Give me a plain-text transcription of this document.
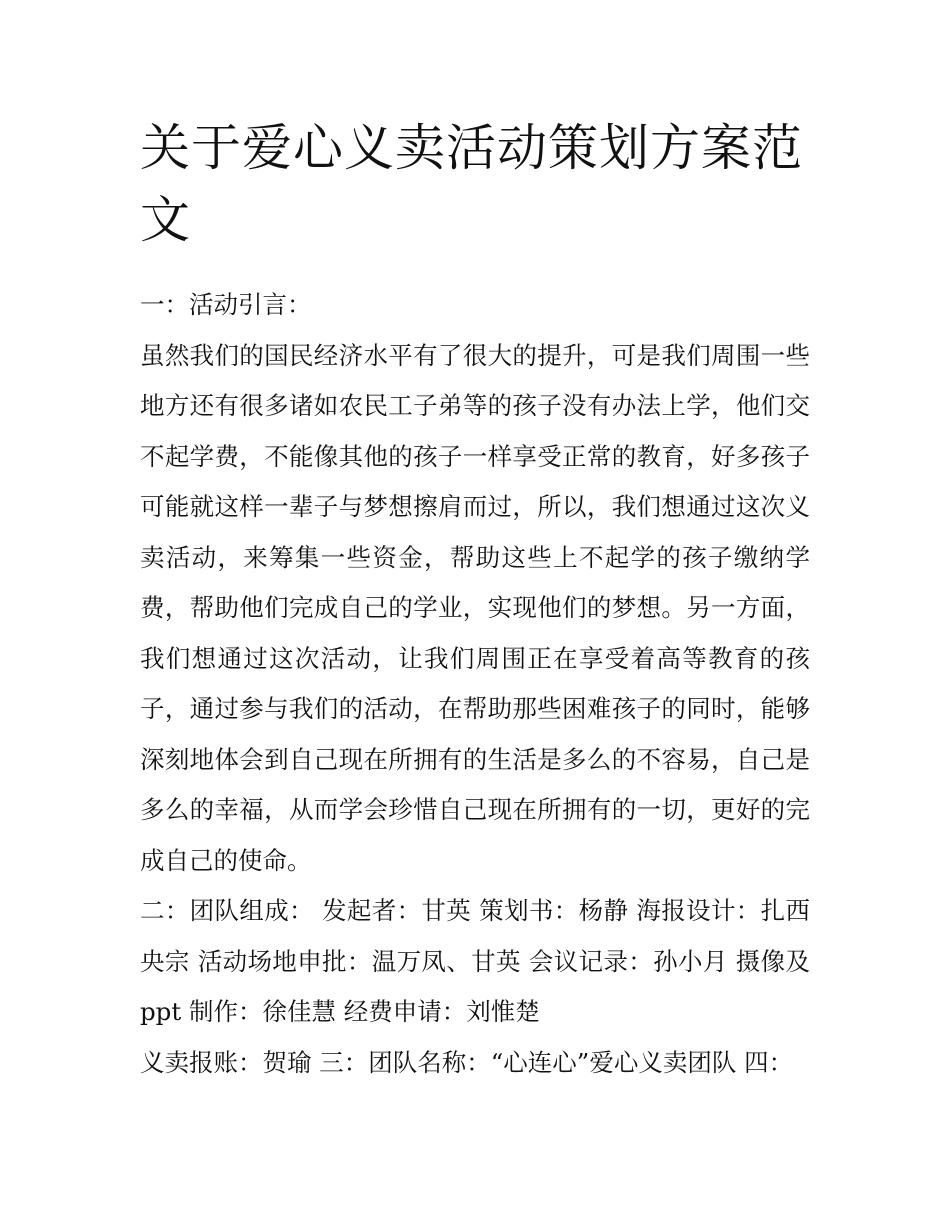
关于爱心义卖活动策划方案范文

一：活动引言：

虽然我们的国民经济水平有了很大的提升，可是我们周围一些地方还有很多诸如农民工子弟等的孩子没有办法上学，他们交不起学费，不能像其他的孩子一样享受正常的教育，好多孩子可能就这样一辈子与梦想擦肩而过，所以，我们想通过这次义卖活动，来筹集一些资金，帮助这些上不起学的孩子缴纳学费，帮助他们完成自己的学业，实现他们的梦想。另一方面，我们想通过这次活动，让我们周围正在享受着高等教育的孩子，通过参与我们的活动，在帮助那些困难孩子的同时，能够深刻地体会到自己现在所拥有的生活是多么的不容易，自己是多么的幸福，从而学会珍惜自己现在所拥有的一切，更好的完成自己的使命。

二：团队组成： 发起者：甘英 策划书：杨静 海报设计：扎西央宗 活动场地申批：温万凤、甘英 会议记录：孙小月 摄像及ppt 制作：徐佳慧 经费申请：刘惟楚

义卖报账：贺瑜 三：团队名称：“心连心”爱心义卖团队 四：
